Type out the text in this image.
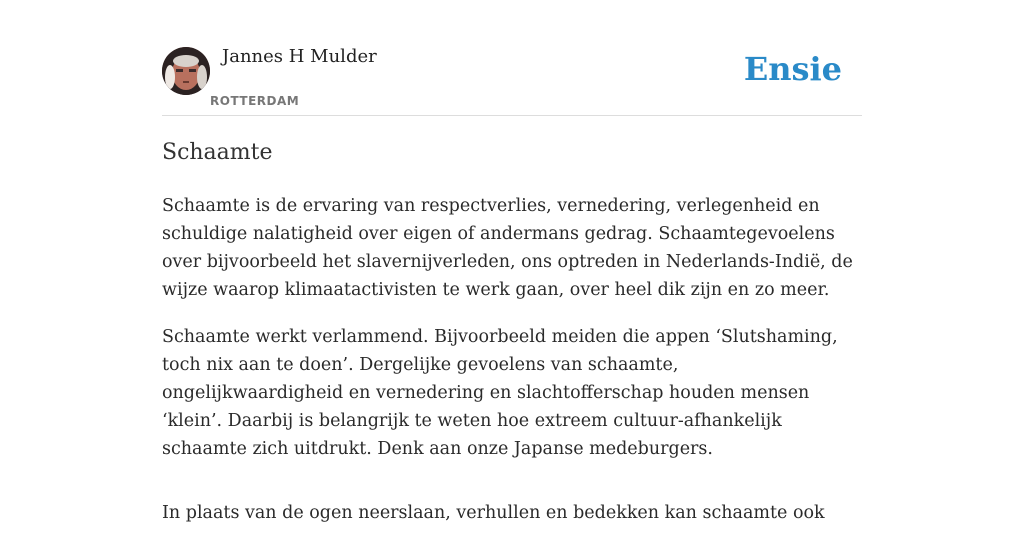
Jannes H Mulder
ROTTERDAM
Ensie
Schaamte

Schaamte is de ervaring van respectverlies, vernedering, verlegenheid en schuldige nalatigheid over eigen of andermans gedrag. Schaamtegevoelens over bijvoorbeeld het slavernijverleden, ons optreden in Nederlands-Indië, de wijze waarop klimaatactivisten te werk gaan, over heel dik zijn en zo meer.

Schaamte werkt verlammend. Bijvoorbeeld meiden die appen ‘Slutshaming, toch nix aan te doen’. Dergelijke gevoelens van schaamte, ongelijkwaardigheid en vernedering en slachtofferschap houden mensen ‘klein’. Daarbij is belangrijk te weten hoe extreem cultuur-afhankelijk schaamte zich uitdrukt. Denk aan onze Japanse medeburgers.

In plaats van de ogen neerslaan, verhullen en bedekken kan schaamte ook
